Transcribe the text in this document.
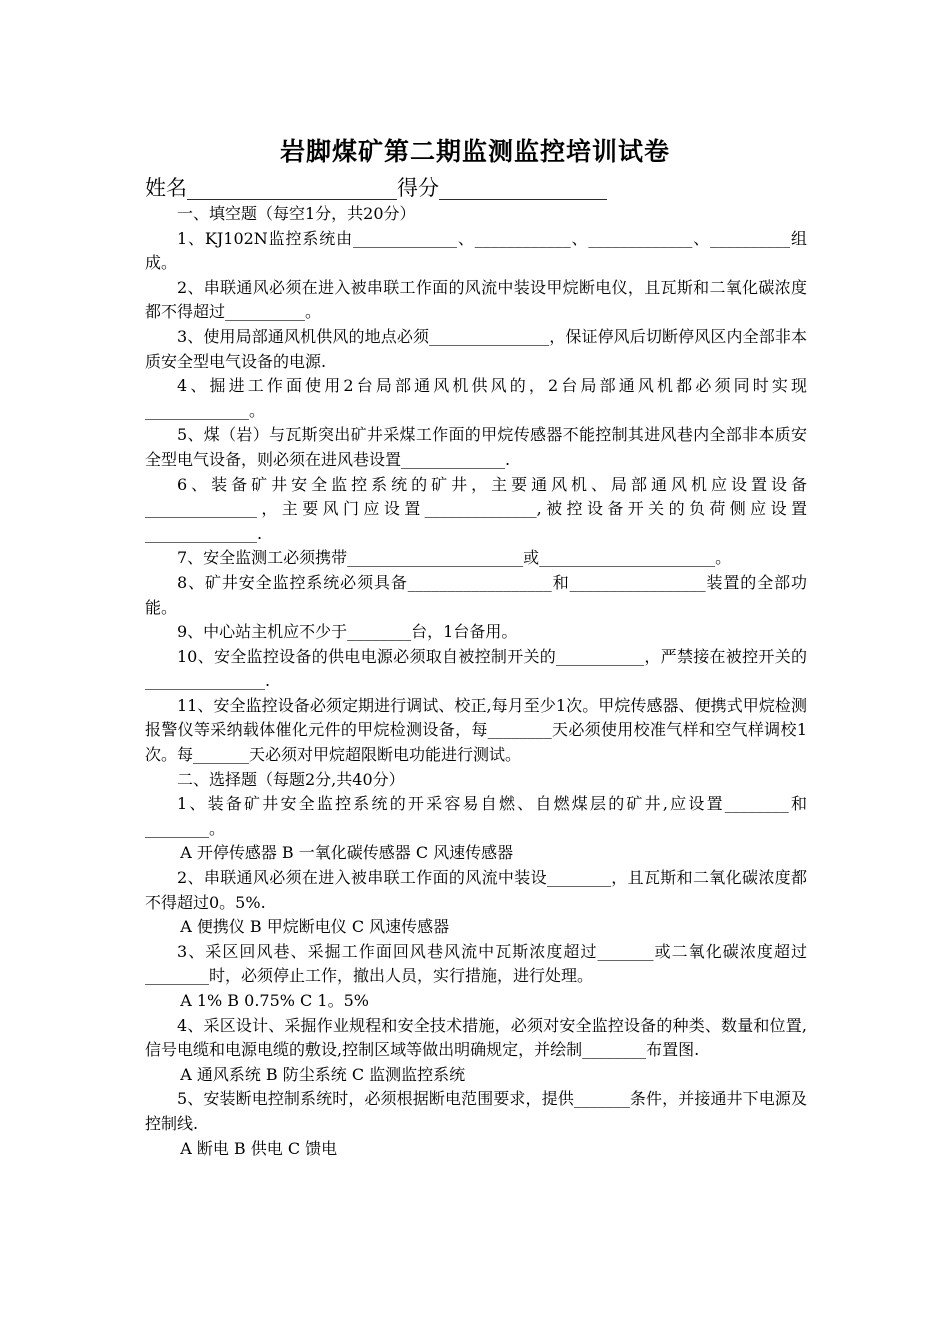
岩脚煤矿第二期监测监控培训试卷
姓名____________________得分________________

一、填空题（每空1分，共20分）

1、KJ102N监控系统由_____________、____________、_____________、__________组成。

2、串联通风必须在进入被串联工作面的风流中装设甲烷断电仪，且瓦斯和二氧化碳浓度都不得超过__________。

3、使用局部通风机供风的地点必须_______________，保证停风后切断停风区内全部非本质安全型电气设备的电源.

4、掘进工作面使用2台局部通风机供风的，2台局部通风机都必须同时实现_____________。

5、煤（岩）与瓦斯突出矿井采煤工作面的甲烷传感器不能控制其进风巷内全部非本质安全型电气设备，则必须在进风巷设置_____________.

6、装备矿井安全监控系统的矿井，主要通风机、局部通风机应设置设备______________，主要风门应设置______________,被控设备开关的负荷侧应设置______________.

7、安全监测工必须携带______________________或______________________。

8、矿井安全监控系统必须具备__________________和_________________装置的全部功能。

9、中心站主机应不少于________台，1台备用。

10、安全监控设备的供电电源必须取自被控制开关的___________，严禁接在被控开关的_______________.

11、安全监控设备必须定期进行调试、校正,每月至少1次。甲烷传感器、便携式甲烷检测报警仪等采纳载体催化元件的甲烷检测设备，每________天必须使用校准气样和空气样调校1次。每_______天必须对甲烷超限断电功能进行测试。

二、选择题（每题2分,共40分）

1、装备矿井安全监控系统的开采容易自燃、自燃煤层的矿井,应设置________和________。

A 开停传感器 B 一氧化碳传感器 C 风速传感器

2、串联通风必须在进入被串联工作面的风流中装设________，且瓦斯和二氧化碳浓度都不得超过0。5%.

A 便携仪 B 甲烷断电仪 C 风速传感器

3、采区回风巷、采掘工作面回风巷风流中瓦斯浓度超过_______或二氧化碳浓度超过________时，必须停止工作，撤出人员，实行措施，进行处理。

A 1% B 0.75% C 1。5%

4、采区设计、采掘作业规程和安全技术措施，必须对安全监控设备的种类、数量和位置,信号电缆和电源电缆的敷设,控制区域等做出明确规定，并绘制________布置图.

A 通风系统 B 防尘系统 C 监测监控系统

5、安装断电控制系统时，必须根据断电范围要求，提供_______条件，并接通井下电源及控制线.

A 断电 B 供电 C 馈电
